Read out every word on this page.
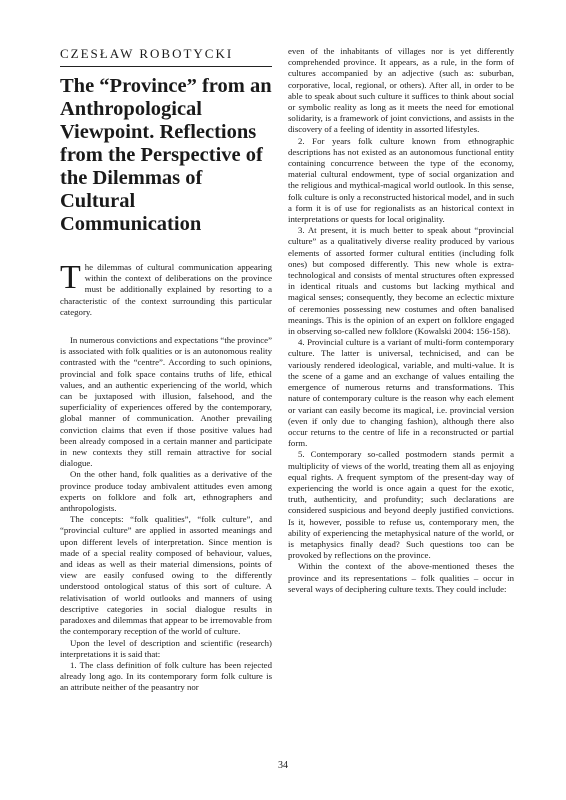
CZESŁAW ROBOTYCKI
The “Province” from an Anthropological Viewpoint. Reflections from the Perspective of the Dilemmas of Cultural Communication
The dilemmas of cultural communication appearing within the context of deliberations on the province must be additionally explained by resorting to a characteristic of the context surrounding this particular category.

In numerous convictions and expectations “the province” is associated with folk qualities or is an autonomous reality contrasted with the “centre”. According to such opinions, provincial and folk space contains truths of life, ethical values, and an authentic experiencing of the world, which can be juxtaposed with illusion, falsehood, and the superficiality of experiences offered by the contemporary, global manner of communication. Another prevailing conviction claims that even if those positive values had been already composed in a certain manner and participate in new contexts they still remain attractive for social dialogue.

On the other hand, folk qualities as a derivative of the province produce today ambivalent attitudes even among experts on folklore and folk art, ethnographers and anthropologists.

The concepts: “folk qualities”, “folk culture”, and “provincial culture” are applied in assorted meanings and upon different levels of interpretation. Since mention is made of a special reality composed of behaviour, values, and ideas as well as their material dimensions, points of view are easily confused owing to the differently understood ontological status of this sort of culture. A relativisation of world outlooks and manners of using descriptive categories in social dialogue results in paradoxes and dilemmas that appear to be irremovable from the contemporary reception of the world of culture.

Upon the level of description and scientific (research) interpretations it is said that:

1. The class definition of folk culture has been rejected already long ago. In its contemporary form folk culture is an attribute neither of the peasantry nor

even of the inhabitants of villages nor is yet differently comprehended province. It appears, as a rule, in the form of cultures accompanied by an adjective (such as: suburban, corporative, local, regional, or others). After all, in order to be able to speak about such culture it suffices to think about social or symbolic reality as long as it meets the need for emotional solidarity, is a framework of joint convictions, and assists in the discovery of a feeling of identity in assorted lifestyles.

2. For years folk culture known from ethnographic descriptions has not existed as an autonomous functional entity containing concurrence between the type of the economy, material cultural endowment, type of social organization and the religious and mythical-magical world outlook. In this sense, folk culture is only a reconstructed historical model, and in such a form it is of use for regionalists as an historical context in interpretations or quests for local originality.

3. At present, it is much better to speak about “provincial culture” as a qualitatively diverse reality produced by various elements of assorted former cultural entities (including folk ones) but composed differently. This new whole is extra-technological and consists of mental structures often expressed in identical rituals and customs but lacking mythical and magical senses; consequently, they become an eclectic mixture of ceremonies possessing new costumes and often banalised meanings. This is the opinion of an expert on folklore engaged in observing so-called new folklore (Kowalski 2004: 156-158).

4. Provincial culture is a variant of multi-form contemporary culture. The latter is universal, technicised, and can be variously rendered ideological, variable, and multi-value. It is the scene of a game and an exchange of values entailing the emergence of numerous returns and transformations. This nature of contemporary culture is the reason why each element or variant can easily become its magical, i.e. provincial version (even if only due to changing fashion), although there also occur returns to the centre of life in a reconstructed or partial form.

5. Contemporary so-called postmodern stands permit a multiplicity of views of the world, treating them all as enjoying equal rights. A frequent symptom of the present-day way of experiencing the world is once again a quest for the exotic, truth, authenticity, and profundity; such declarations are considered suspicious and beyond deeply justified convictions. Is it, however, possible to refuse us, contemporary men, the ability of experiencing the metaphysical nature of the world, or is metaphysics finally dead? Such questions too can be provoked by reflections on the province.

Within the context of the above-mentioned theses the province and its representations – folk qualities – occur in several ways of deciphering culture texts. They could include:

34
